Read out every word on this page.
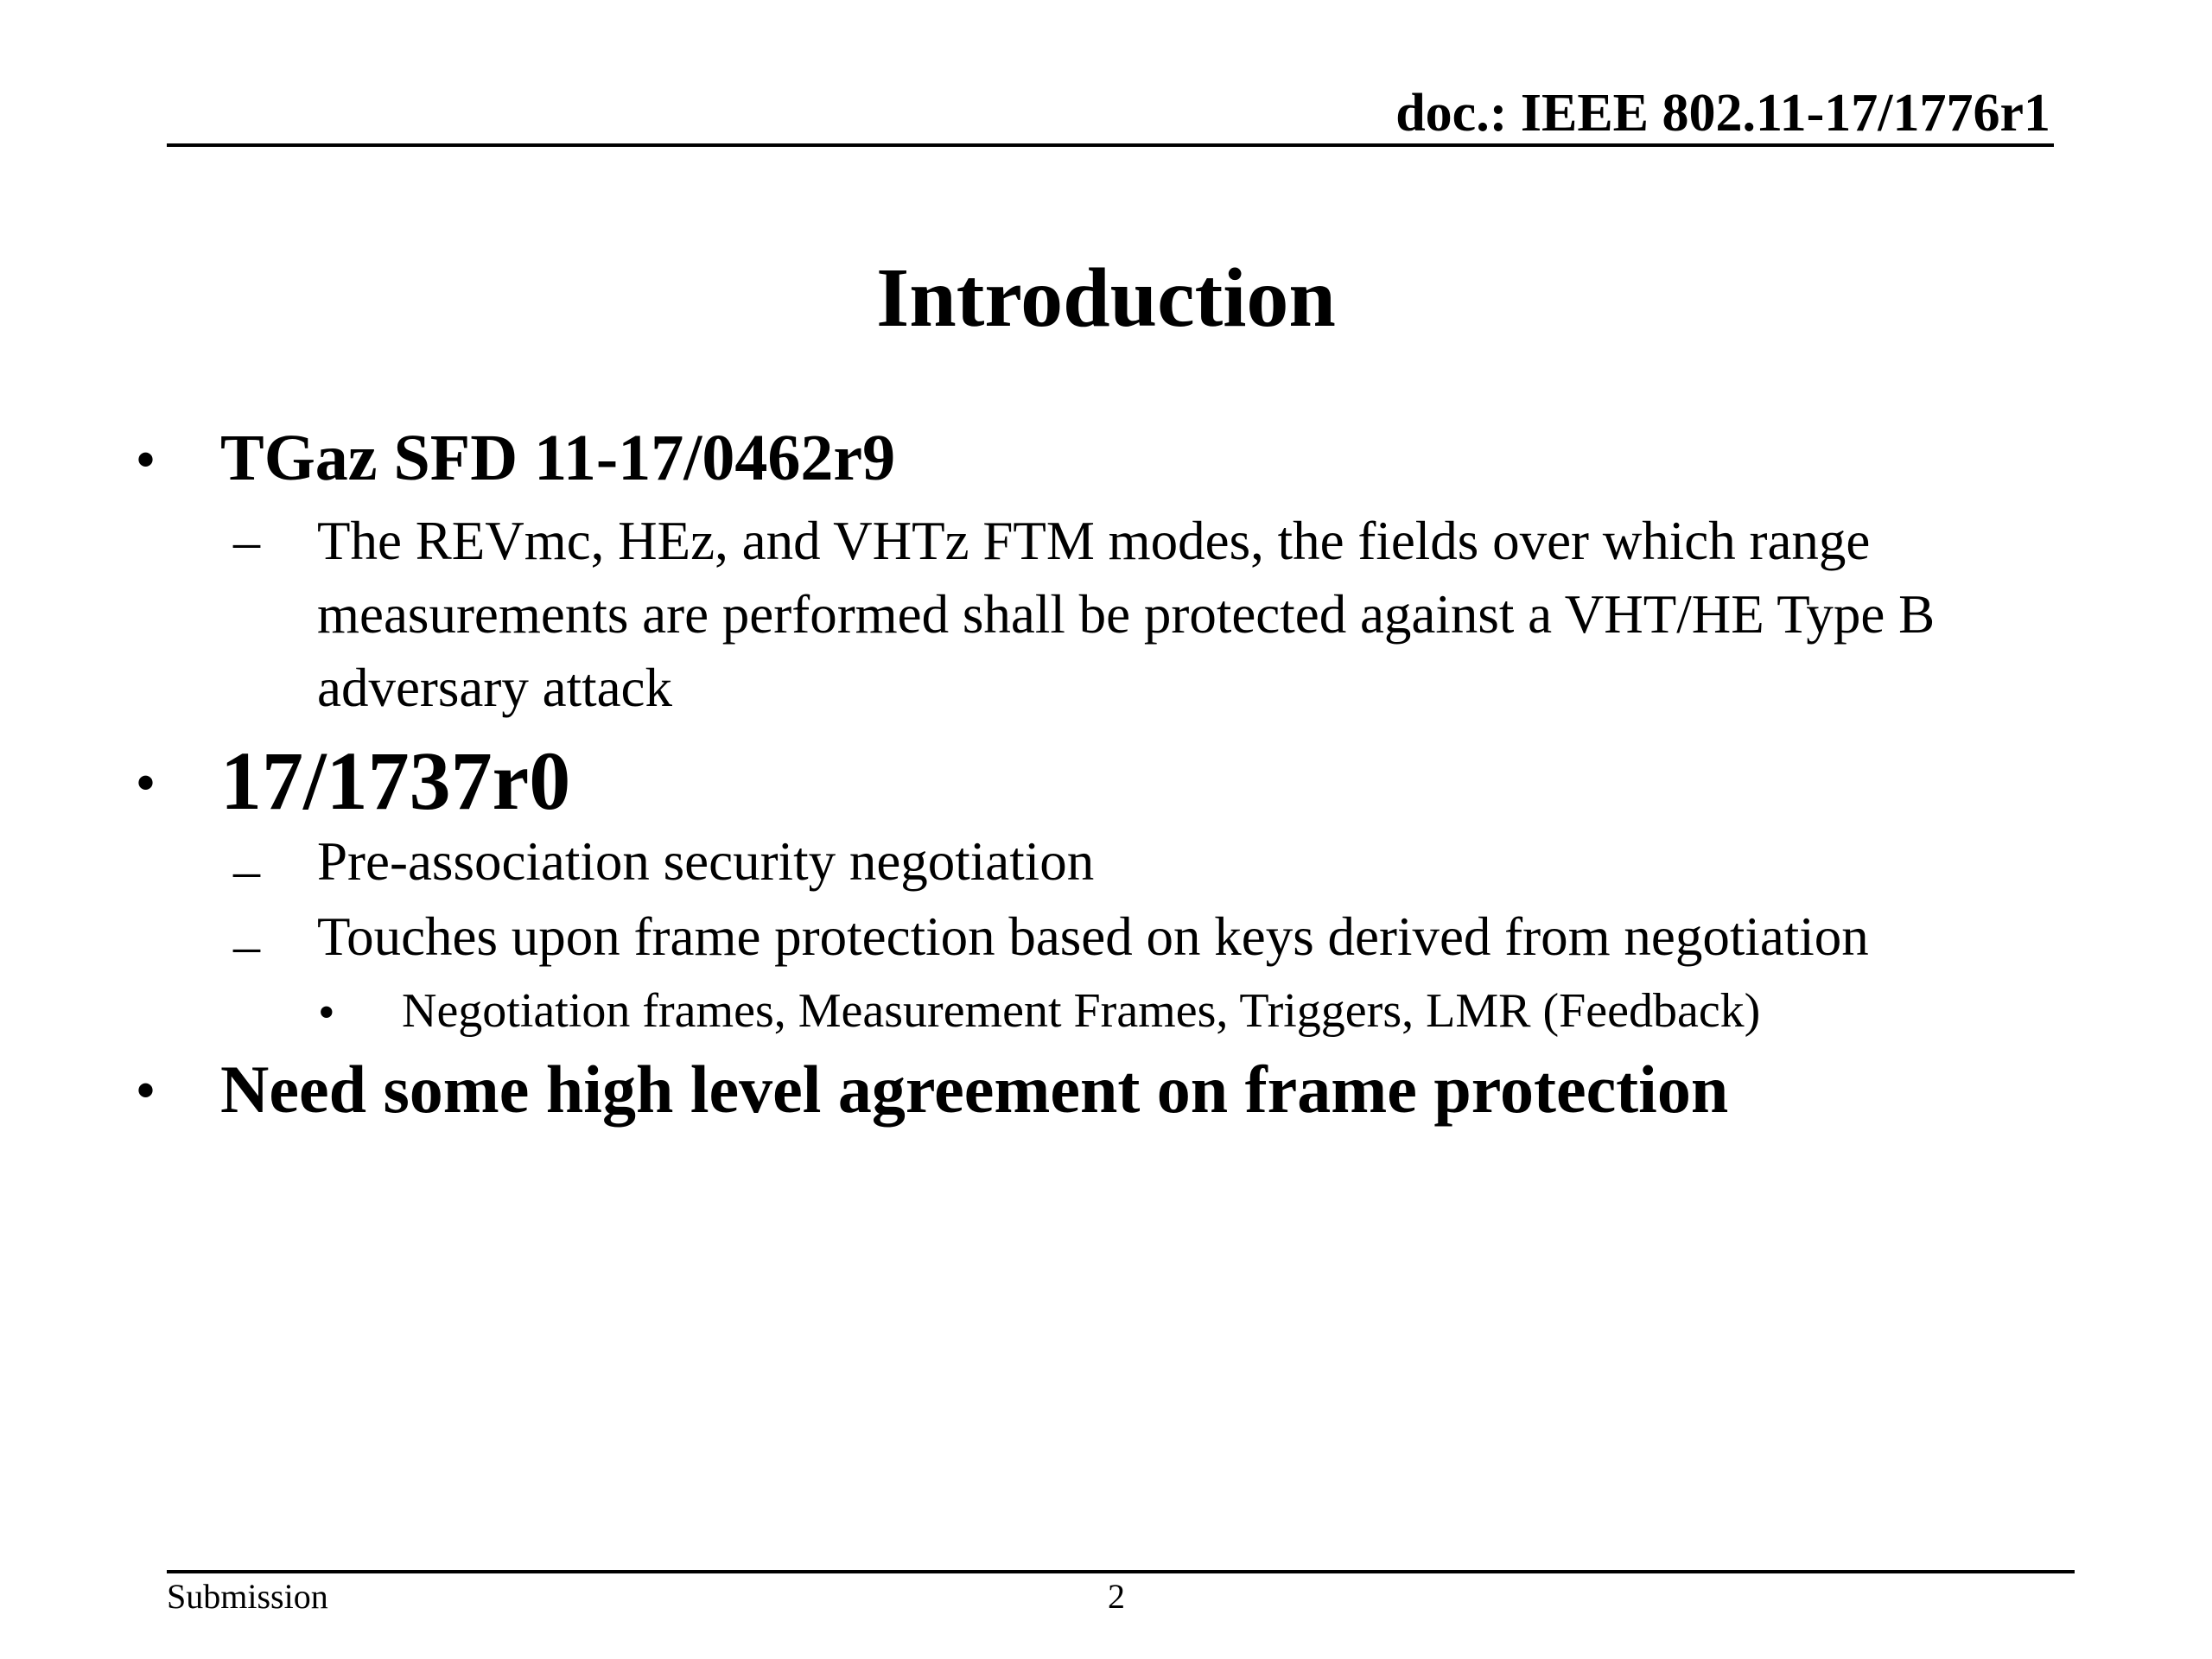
doc.: IEEE 802.11-17/1776r1
Introduction
• TGaz SFD 11-17/0462r9
– The REVmc, HEz, and VHTz FTM modes, the fields over which range measurements are performed shall be protected against a VHT/HE Type B adversary attack
• 17/1737r0
– Pre-association security negotiation
– Touches upon frame protection based on keys derived from negotiation
• Negotiation frames, Measurement Frames, Triggers, LMR (Feedback)
• Need some high level agreement on frame protection
Submission	2
